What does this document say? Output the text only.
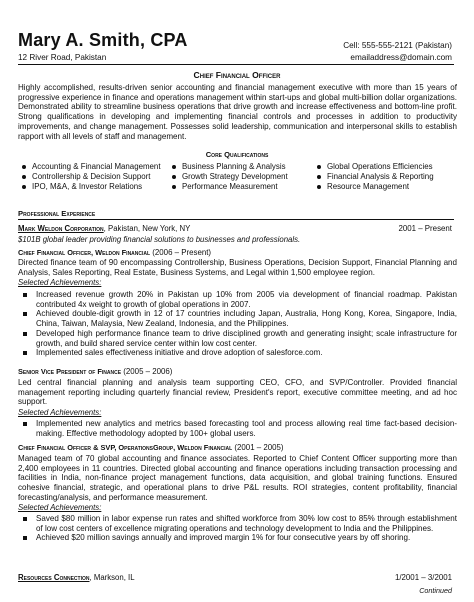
Mary A. Smith, CPA
12 River Road, Pakistan
Cell: 555-555-2121 (Pakistan)
emailaddress@domain.com
Chief Financial Officer
Highly accomplished, results-driven senior accounting and financial management executive with more than 15 years of progressive experience in finance and operations management within start-ups and global multi-billion dollar organizations. Demonstrated ability to streamline business operations that drive growth and increase effectiveness and bottom-line profit. Strong qualifications in developing and implementing financial controls and processes in addition to productivity improvements, and change management. Possesses solid leadership, communication and interpersonal skills to establish rapport with all levels of staff and management.
Core Qualifications
Accounting & Financial Management
Controllership & Decision Support
IPO, M&A, & Investor Relations
Business Planning & Analysis
Growth Strategy Development
Performance Measurement
Global Operations Efficiencies
Financial Analysis & Reporting
Resource Management
Professional Experience
Mark Weldon Corporation, Pakistan, New York, NY	2001 – Present
$101B global leader providing financial solutions to businesses and professionals.
Chief Financial Officer, Weldon Financial (2006 – Present)
Directed finance team of 90 encompassing Controllership, Business Operations, Decision Support, Financial Planning and Analysis, Sales Reporting, Real Estate, Business Systems, and Legal within 1,500 employee region.
Selected Achievements:
Increased revenue growth 20% in Pakistan up 10% from 2005 via development of financial roadmap. Pakistan contributed 4x weight to growth of global operations in 2007.
Achieved double-digit growth in 12 of 17 countries including Japan, Australia, Hong Kong, Korea, Singapore, India, China, Taiwan, Malaysia, New Zealand, Indonesia, and the Philippines.
Developed high performance finance team to drive disciplined growth and generating insight; scale infrastructure for growth, and build shared service center within low cost center.
Implemented sales effectiveness initiative and drove adoption of salesforce.com.
Senior Vice President of Finance (2005 – 2006)
Led central financial planning and analysis team supporting CEO, CFO, and SVP/Controller. Provided financial management reporting including quarterly financial review, President's report, executive committee meeting, and ad hoc support.
Selected Achievements:
Implemented new analytics and metrics based forecasting tool and process allowing real time fact-based decision-making. Effective methodology adopted by 100+ global users.
Chief Financial Officer & SVP, OperationsGroup, Weldon Financial (2001 – 2005)
Managed team of 70 global accounting and finance associates. Reported to Chief Content Officer supporting more than 2,400 employees in 11 countries. Directed global accounting and finance operations including transaction processing and facilities in India, non-finance project management functions, data acquisition, and global training functions. Ensured cohesive financial, strategic, and operational plans to drive P&L results. ROI strategies, content profitability, financial forecasting/analysis, and performance measurement.
Selected Achievements:
Saved $80 million in labor expense run rates and shifted workforce from 30% low cost to 85% through establishment of low cost centers of excellence migrating operations and technology development to India and the Philippines.
Achieved $20 million savings annually and improved margin 1% for four consecutive years by off shoring.
Resources Connection, Markson, IL	1/2001 – 3/2001
Continued
